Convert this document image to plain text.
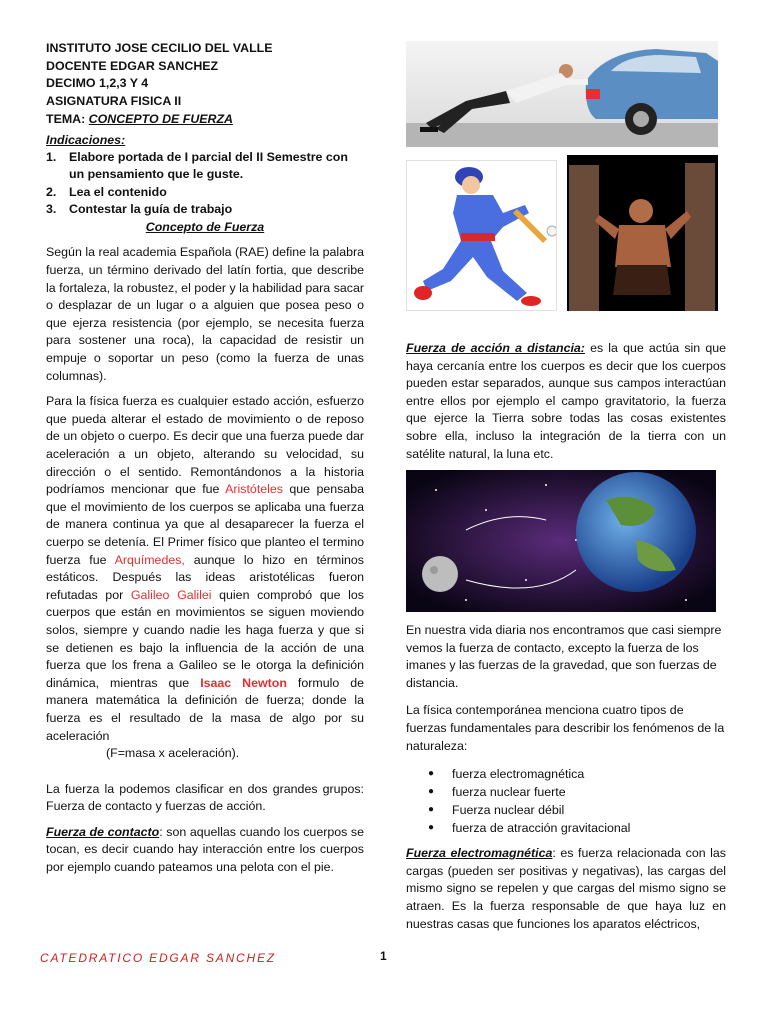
INSTITUTO JOSE CECILIO DEL VALLE
DOCENTE EDGAR SANCHEZ
DECIMO 1,2,3 Y 4
ASIGNATURA FISICA II
TEMA: CONCEPTO DE FUERZA
Indicaciones:
1.	Elabore portada de I parcial del II Semestre con un pensamiento que le guste.
2.	Lea el contenido
3.	Contestar la guía de trabajo
Concepto de Fuerza

Según la real academia Española (RAE) define la palabra fuerza, un término derivado del latín fortia, que describe la fortaleza, la robustez, el poder y la habilidad para sacar o desplazar de un lugar o a alguien que posea peso o que ejerza resistencia (por ejemplo, se necesita fuerza para sostener una roca), la capacidad de resistir un empuje o soportar un peso (como la fuerza de unas columnas).

Para la física fuerza es cualquier estado acción, esfuerzo que pueda alterar el estado de movimiento o de reposo de un objeto o cuerpo. Es decir que una fuerza puede dar aceleración a un objeto, alterando su velocidad, su dirección o el sentido. Remontándonos a la historia podríamos mencionar que fue Aristóteles que pensaba que el movimiento de los cuerpos se aplicaba una fuerza de manera continua ya que al desaparecer la fuerza el cuerpo se detenía. El Primer físico que planteo el termino fuerza fue Arquímedes, aunque lo hizo en términos estáticos. Después las ideas aristotélicas fueron refutadas por Galileo Galilei quien comprobó que los cuerpos que están en movimientos se siguen moviendo solos, siempre y cuando nadie les haga fuerza y que si se detienen es bajo la influencia de la acción de una fuerza que los frena a Galileo se le otorga la definición dinámica, mientras que Isaac Newton formulo de manera matemática la definición de fuerza; donde la fuerza es el resultado de la masa de algo por su aceleración

(F=masa x aceleración).

La fuerza la podemos clasificar en dos grandes grupos: Fuerza de contacto y fuerzas de acción.

Fuerza de contacto: son aquellas cuando los cuerpos se tocan, es decir cuando hay interacción entre los cuerpos por ejemplo cuando pateamos una pelota con el pie.

Fuerza de acción a distancia: es la que actúa sin que haya cercanía entre los cuerpos es decir que los cuerpos pueden estar separados, aunque sus campos interactúan entre ellos por ejemplo el campo gravitatorio, la fuerza que ejerce la Tierra sobre todas las cosas existentes sobre ella, incluso la integración de la tierra con un satélite natural, la luna etc.

En nuestra vida diaria nos encontramos que casi siempre vemos la fuerza de contacto, excepto la fuerza de los imanes y las fuerzas de la gravedad, que son fuerzas de distancia.

La física contemporánea menciona cuatro tipos de fuerzas fundamentales para describir los fenómenos de la naturaleza:

●	fuerza electromagnética
●	fuerza nuclear fuerte
●	Fuerza nuclear débil
●	fuerza de atracción gravitacional

Fuerza electromagnética: es fuerza relacionada con las cargas (pueden ser positivas y negativas), las cargas del mismo signo se repelen y que cargas del mismo signo se atraen. Es la fuerza responsable de que haya luz en nuestras casas que funciones los aparatos eléctricos,

CATEDRATICO EDGAR SANCHEZ	1
